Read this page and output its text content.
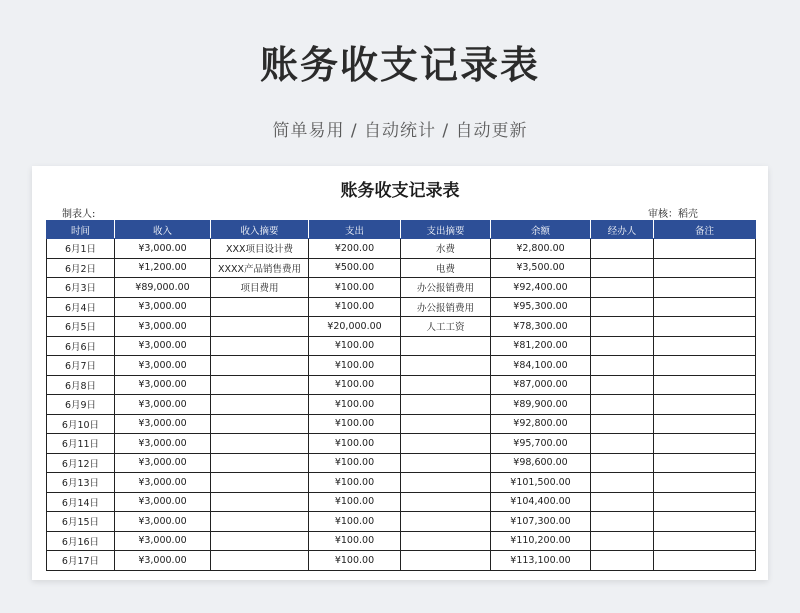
账务收支记录表
简单易用 / 自动统计 / 自动更新
账务收支记录表
制表人:	审核：稻壳
时间	收入	收入摘要	支出	支出摘要	余额	经办人	备注
6月1日	¥3,000.00	XXX项目设计费	¥200.00	水费	¥2,800.00		
6月2日	¥1,200.00	XXXX产品销售费用	¥500.00	电费	¥3,500.00		
6月3日	¥89,000.00	项目费用	¥100.00	办公报销费用	¥92,400.00		
6月4日	¥3,000.00		¥100.00	办公报销费用	¥95,300.00		
6月5日	¥3,000.00		¥20,000.00	人工工资	¥78,300.00		
6月6日	¥3,000.00		¥100.00		¥81,200.00		
6月7日	¥3,000.00		¥100.00		¥84,100.00		
6月8日	¥3,000.00		¥100.00		¥87,000.00		
6月9日	¥3,000.00		¥100.00		¥89,900.00		
6月10日	¥3,000.00		¥100.00		¥92,800.00		
6月11日	¥3,000.00		¥100.00		¥95,700.00		
6月12日	¥3,000.00		¥100.00		¥98,600.00		
6月13日	¥3,000.00		¥100.00		¥101,500.00		
6月14日	¥3,000.00		¥100.00		¥104,400.00		
6月15日	¥3,000.00		¥100.00		¥107,300.00		
6月16日	¥3,000.00		¥100.00		¥110,200.00		
6月17日	¥3,000.00		¥100.00		¥113,100.00		
